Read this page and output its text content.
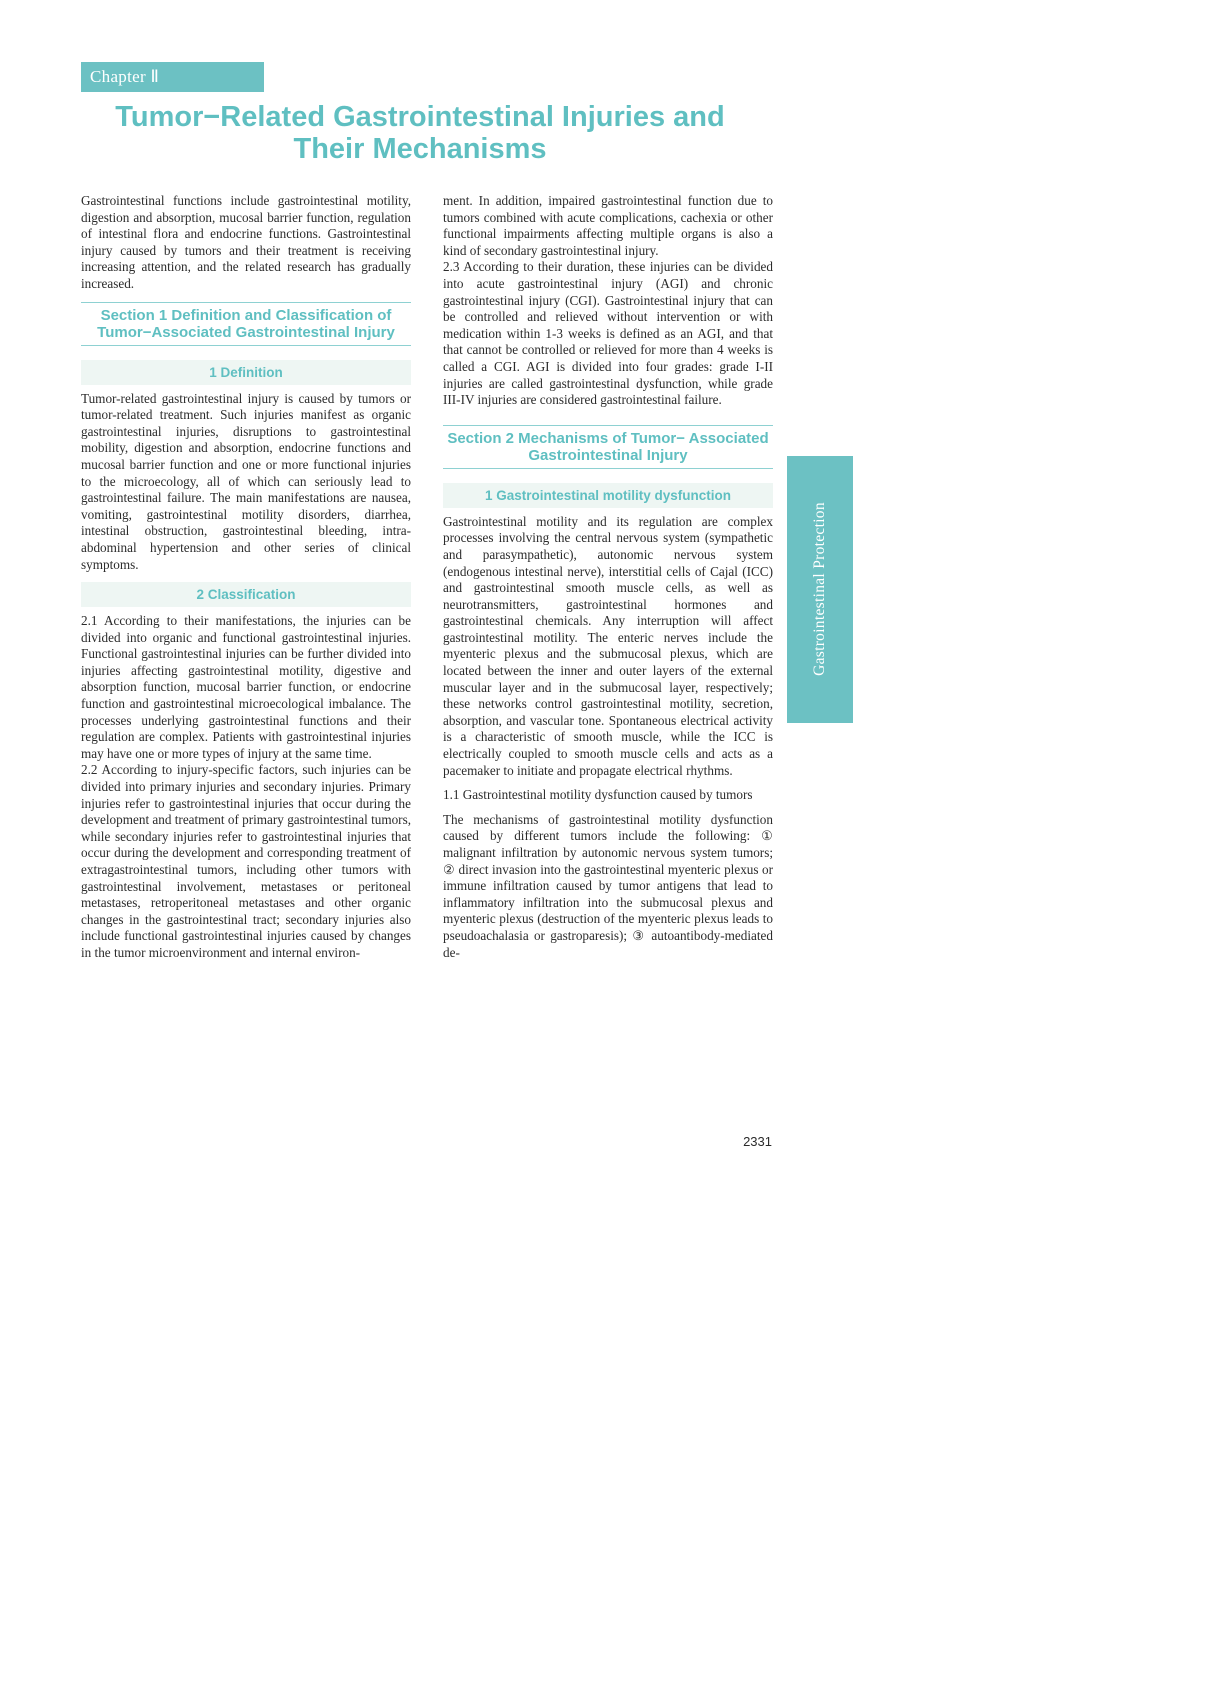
Chapter Ⅱ
Tumor−Related Gastrointestinal Injuries and Their Mechanisms

Gastrointestinal functions include gastrointestinal motility, digestion and absorption, mucosal barrier function, regulation of intestinal flora and endocrine functions. Gastrointestinal injury caused by tumors and their treatment is receiving increasing attention, and the related research has gradually increased.

Section 1 Definition and Classification of Tumor−Associated Gastrointestinal Injury
1 Definition

Tumor-related gastrointestinal injury is caused by tumors or tumor-related treatment. Such injuries manifest as organic gastrointestinal injuries, disruptions to gastrointestinal mobility, digestion and absorption, endocrine functions and mucosal barrier function and one or more functional injuries to the microecology, all of which can seriously lead to gastrointestinal failure. The main manifestations are nausea, vomiting, gastrointestinal motility disorders, diarrhea, intestinal obstruction, gastrointestinal bleeding, intra-abdominal hypertension and other series of clinical symptoms.

2 Classification

2.1 According to their manifestations, the injuries can be divided into organic and functional gastrointestinal injuries. Functional gastrointestinal injuries can be further divided into injuries affecting gastrointestinal motility, digestive and absorption function, mucosal barrier function, or endocrine function and gastrointestinal microecological imbalance. The processes underlying gastrointestinal functions and their regulation are complex. Patients with gastrointestinal injuries may have one or more types of injury at the same time.

2.2 According to injury-specific factors, such injuries can be divided into primary injuries and secondary injuries. Primary injuries refer to gastrointestinal injuries that occur during the development and treatment of primary gastrointestinal tumors, while secondary injuries refer to gastrointestinal injuries that occur during the development and corresponding treatment of extragastrointestinal tumors, including other tumors with gastrointestinal involvement, metastases or peritoneal metastases, retroperitoneal metastases and other organic changes in the gastrointestinal tract; secondary injuries also include functional gastrointestinal injuries caused by changes in the tumor microenvironment and internal environ-

ment. In addition, impaired gastrointestinal function due to tumors combined with acute complications, cachexia or other functional impairments affecting multiple organs is also a kind of secondary gastrointestinal injury.

2.3 According to their duration, these injuries can be divided into acute gastrointestinal injury (AGI) and chronic gastrointestinal injury (CGI). Gastrointestinal injury that can be controlled and relieved without intervention or with medication within 1-3 weeks is defined as an AGI, and that that cannot be controlled or relieved for more than 4 weeks is called a CGI. AGI is divided into four grades: grade I-II injuries are called gastrointestinal dysfunction, while grade III-IV injuries are considered gastrointestinal failure.

Section 2 Mechanisms of Tumor− Associated Gastrointestinal Injury
1 Gastrointestinal motility dysfunction

Gastrointestinal motility and its regulation are complex processes involving the central nervous system (sympathetic and parasympathetic), autonomic nervous system (endogenous intestinal nerve), interstitial cells of Cajal (ICC) and gastrointestinal smooth muscle cells, as well as neurotransmitters, gastrointestinal hormones and gastrointestinal chemicals. Any interruption will affect gastrointestinal motility. The enteric nerves include the myenteric plexus and the submucosal plexus, which are located between the inner and outer layers of the external muscular layer and in the submucosal layer, respectively; these networks control gastrointestinal motility, secretion, absorption, and vascular tone. Spontaneous electrical activity is a characteristic of smooth muscle, while the ICC is electrically coupled to smooth muscle cells and acts as a pacemaker to initiate and propagate electrical rhythms.

1.1 Gastrointestinal motility dysfunction caused by tumors

The mechanisms of gastrointestinal motility dysfunction caused by different tumors include the following: ① malignant infiltration by autonomic nervous system tumors; ② direct invasion into the gastrointestinal myenteric plexus or immune infiltration caused by tumor antigens that lead to inflammatory infiltration into the submucosal plexus and myenteric plexus (destruction of the myenteric plexus leads to pseudoachalasia or gastroparesis); ③ autoantibody-mediated de-

Gastrointestinal Protection
2331
